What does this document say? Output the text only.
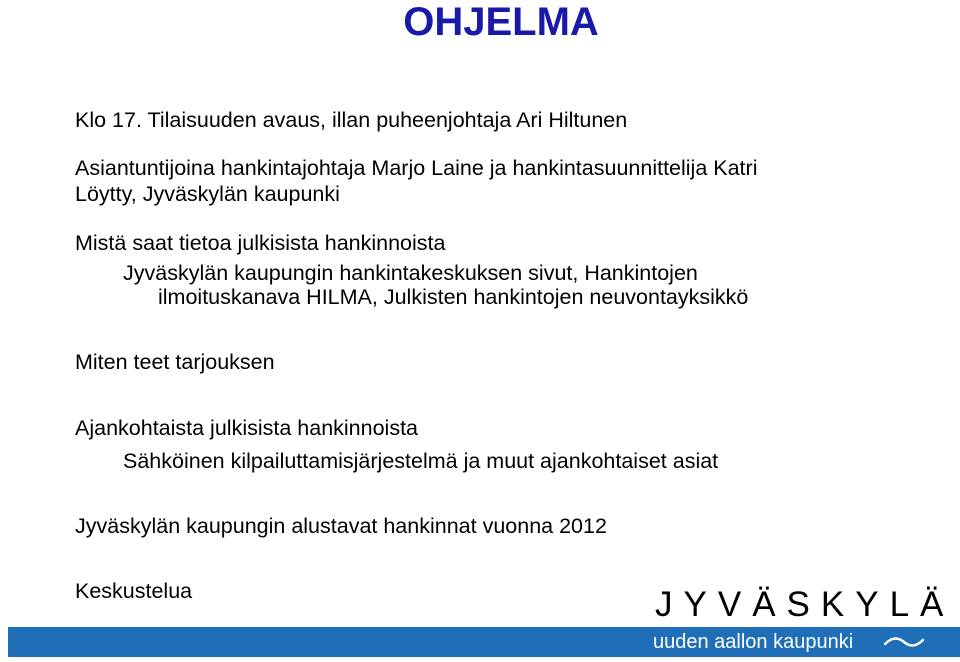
OHJELMA

Klo 17. Tilaisuuden avaus, illan puheenjohtaja Ari Hiltunen

Asiantuntijoina hankintajohtaja Marjo Laine ja hankintasuunnittelija Katri

Löytty, Jyväskylän kaupunki

Mistä saat tietoa julkisista hankinnoista

Jyväskylän kaupungin hankintakeskuksen sivut, Hankintojen

ilmoituskanava HILMA, Julkisten hankintojen neuvontayksikkö

Miten teet tarjouksen

Ajankohtaista julkisista hankinnoista

Sähköinen kilpailuttamisjärjestelmä ja muut ajankohtaiset asiat

Jyväskylän kaupungin alustavat hankinnat vuonna 2012

Keskustelua	JYVÄSKYLÄ

uuden aallon kaupunki
